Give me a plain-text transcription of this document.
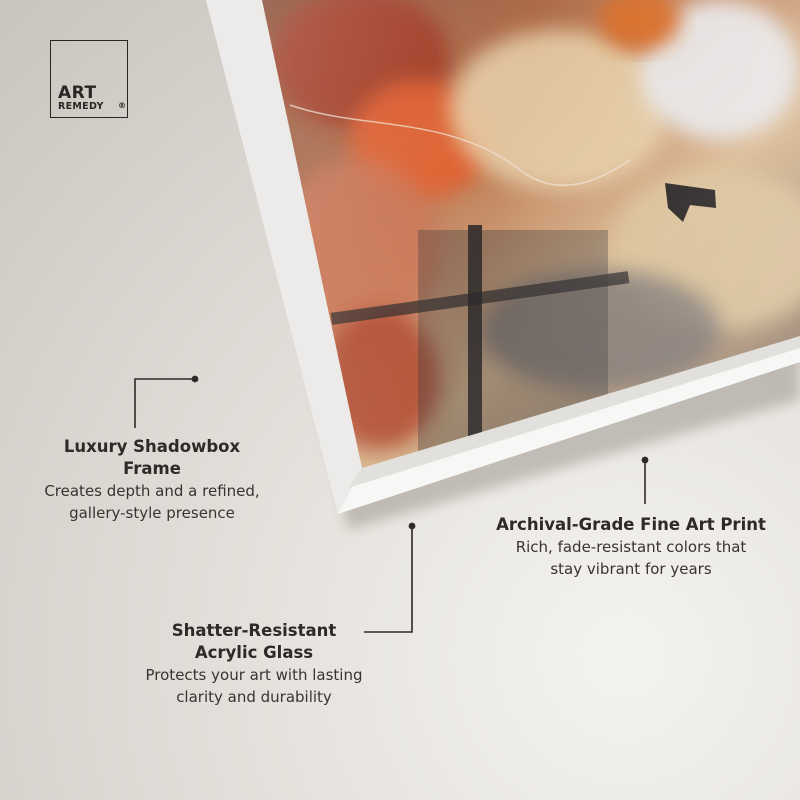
ART
REMEDY ®

Luxury Shadowbox

Frame

Creates depth and a refined,

gallery-style presence

Archival-Grade Fine Art Print

Rich, fade-resistant colors that

stay vibrant for years

Shatter-Resistant

Acrylic Glass

Protects your art with lasting

clarity and durability
